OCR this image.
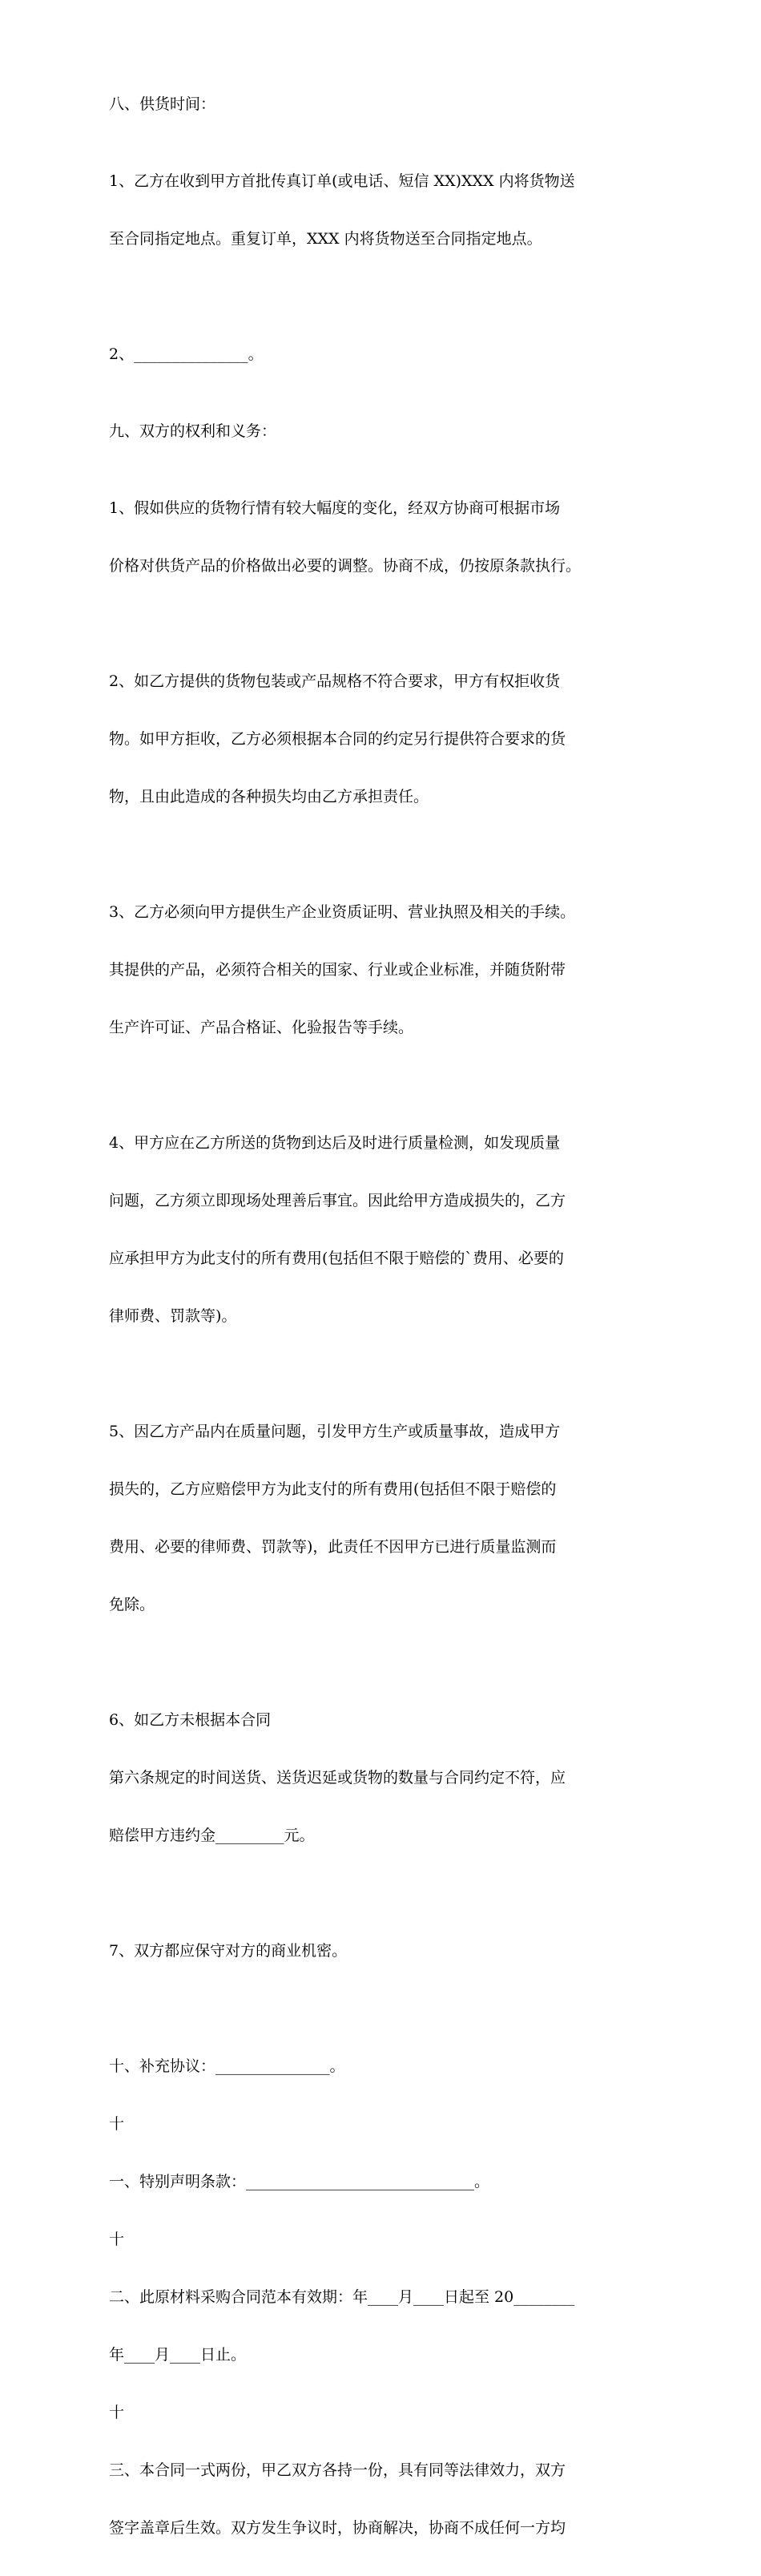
八、供货时间：

1、乙方在收到甲方首批传真订单(或电话、短信 XX)XXX 内将货物送

至合同指定地点。重复订单，XXX 内将货物送至合同指定地点。

2、_______________。

九、双方的权利和义务：

1、假如供应的货物行情有较大幅度的变化，经双方协商可根据市场

价格对供货产品的价格做出必要的调整。协商不成，仍按原条款执行。

2、如乙方提供的货物包装或产品规格不符合要求，甲方有权拒收货

物。如甲方拒收，乙方必须根据本合同的约定另行提供符合要求的货

物，且由此造成的各种损失均由乙方承担责任。

3、乙方必须向甲方提供生产企业资质证明、营业执照及相关的手续。

其提供的产品，必须符合相关的国家、行业或企业标准，并随货附带

生产许可证、产品合格证、化验报告等手续。

4、甲方应在乙方所送的货物到达后及时进行质量检测，如发现质量

问题，乙方须立即现场处理善后事宜。因此给甲方造成损失的，乙方

应承担甲方为此支付的所有费用(包括但不限于赔偿的`费用、必要的

律师费、罚款等)。

5、因乙方产品内在质量问题，引发甲方生产或质量事故，造成甲方

损失的，乙方应赔偿甲方为此支付的所有费用(包括但不限于赔偿的

费用、必要的律师费、罚款等)，此责任不因甲方已进行质量监测而

免除。

6、如乙方未根据本合同

第六条规定的时间送货、送货迟延或货物的数量与合同约定不符，应

赔偿甲方违约金_________元。

7、双方都应保守对方的商业机密。

十、补充协议：_______________。

十

一、特别声明条款：______________________________。

十

二、此原材料采购合同范本有效期：年____月____日起至 20________

年____月____日止。

十

三、本合同一式两份，甲乙双方各持一份，具有同等法律效力，双方

签字盖章后生效。双方发生争议时，协商解决，协商不成任何一方均
